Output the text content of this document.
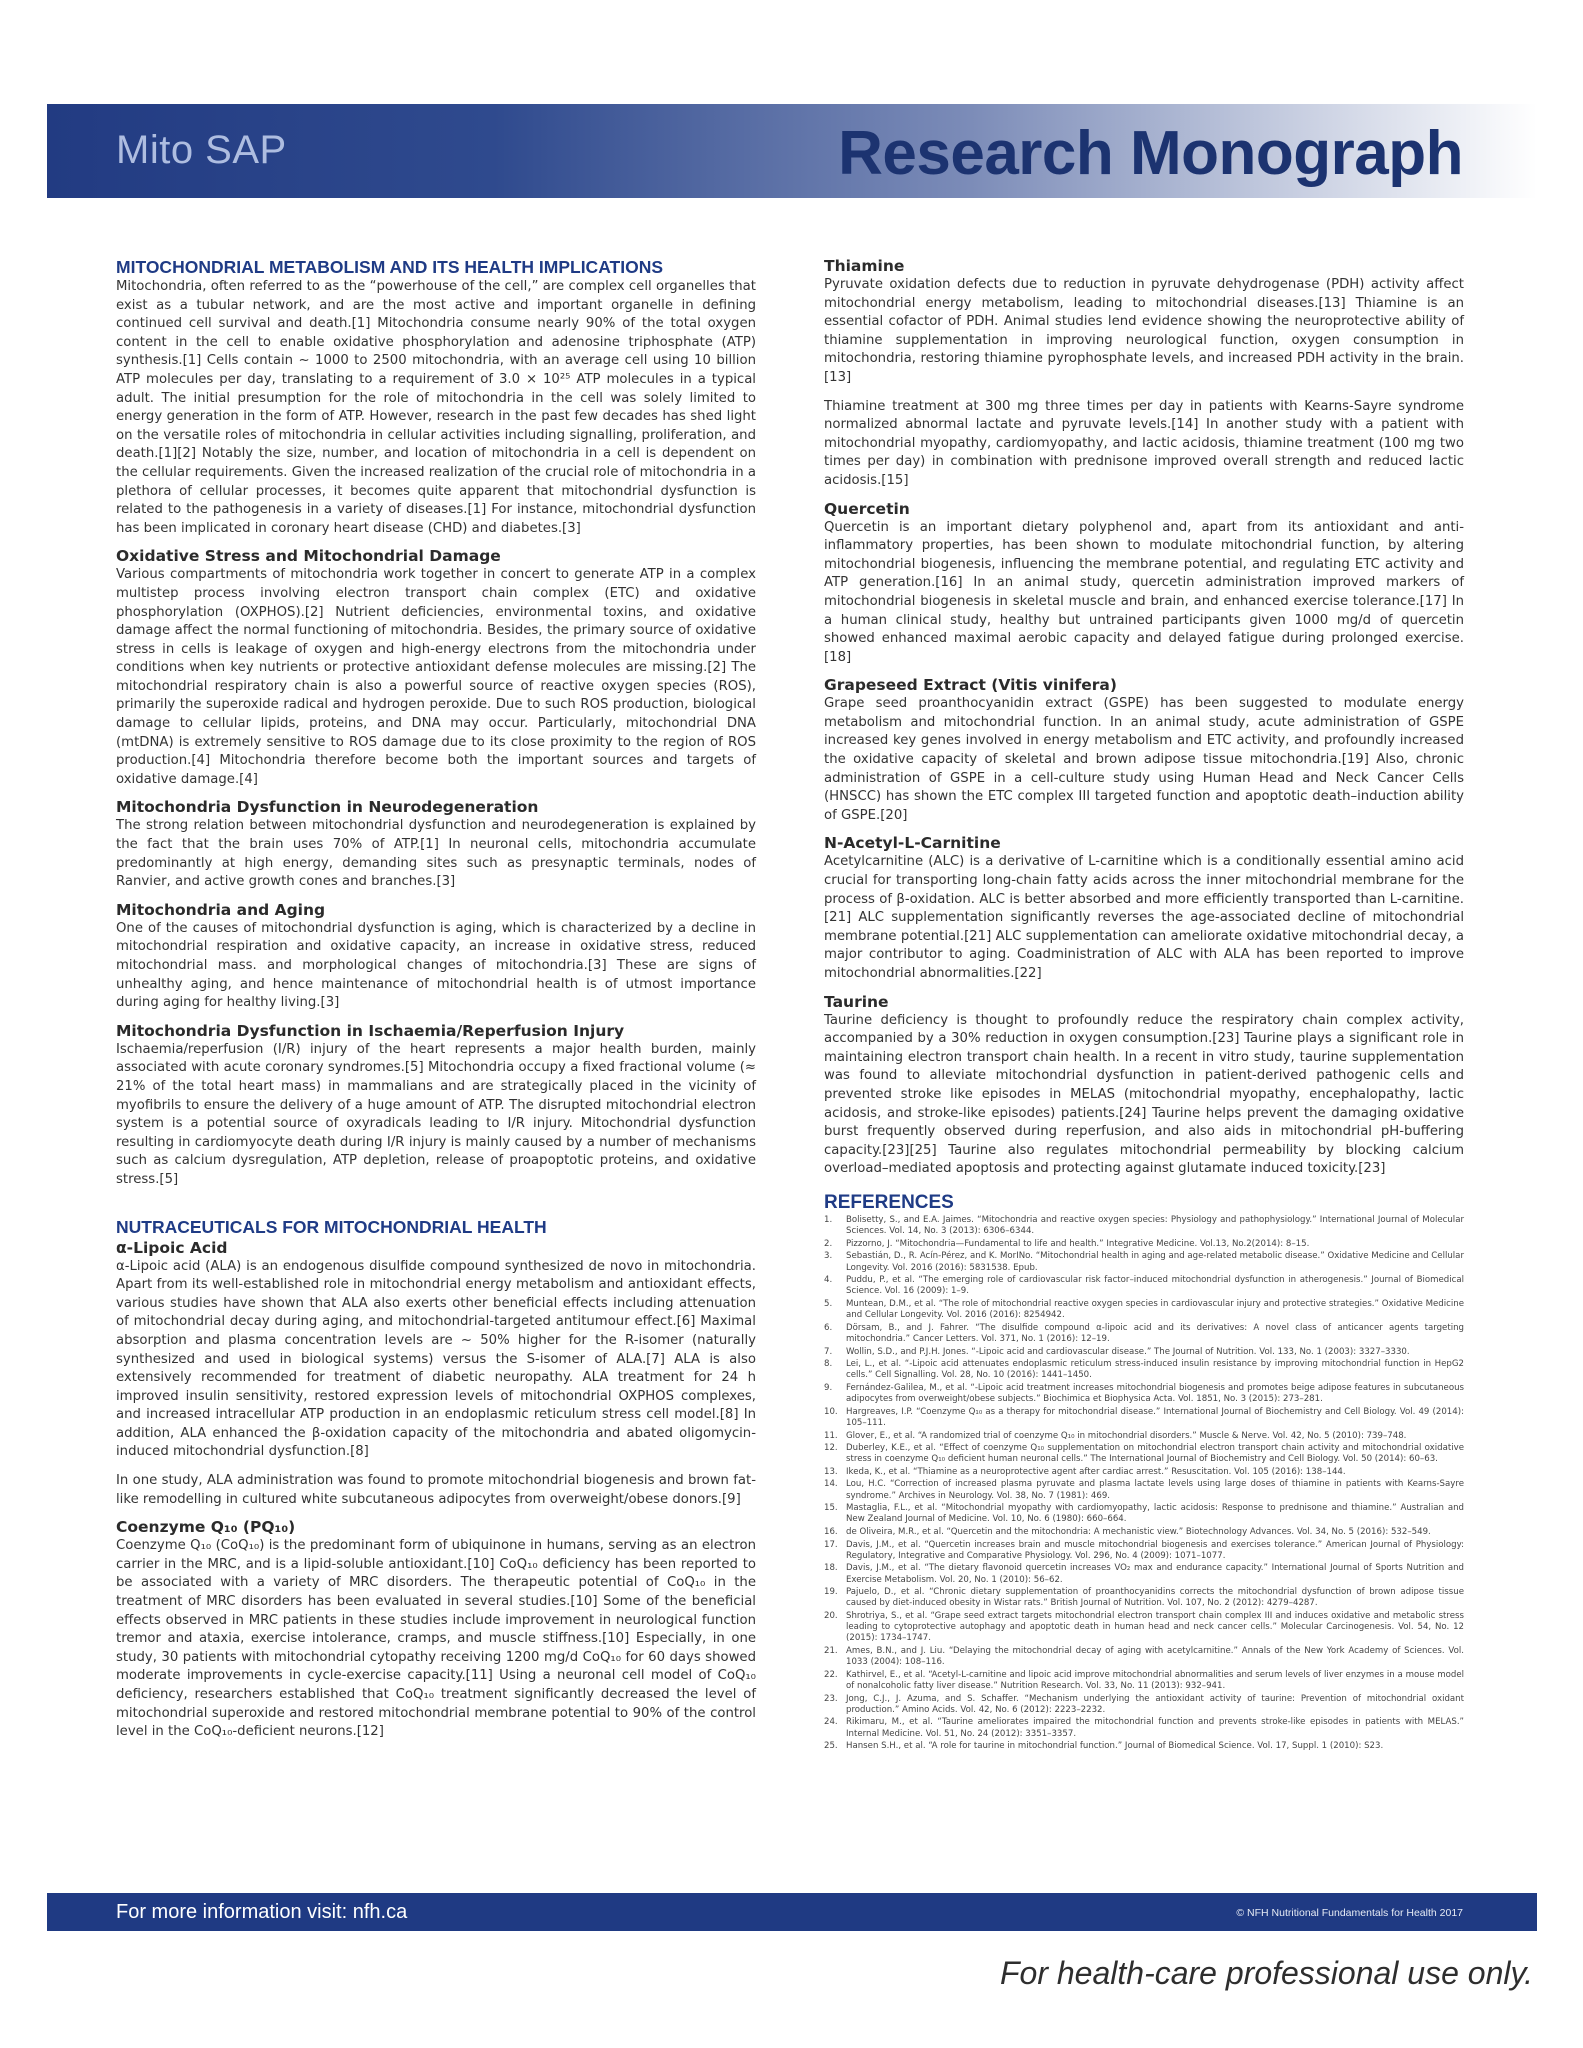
Mito SAP	Research Monograph
MITOCHONDRIAL METABOLISM AND ITS HEALTH IMPLICATIONS

Mitochondria, often referred to as the “powerhouse of the cell,” are complex cell organelles that exist as a tubular network, and are the most active and important organelle in defining continued cell survival and death.[1] Mitochondria consume nearly 90% of the total oxygen content in the cell to enable oxidative phosphorylation and adenosine triphosphate (ATP) synthesis.[1] Cells contain ~ 1000 to 2500 mitochondria, with an average cell using 10 billion ATP molecules per day, translating to a requirement of 3.0 × 10²⁵ ATP molecules in a typical adult. The initial presumption for the role of mitochondria in the cell was solely limited to energy generation in the form of ATP. However, research in the past few decades has shed light on the versatile roles of mitochondria in cellular activities including signalling, proliferation, and death.[1][2] Notably the size, number, and location of mitochondria in a cell is dependent on the cellular requirements. Given the increased realization of the crucial role of mitochondria in a plethora of cellular processes, it becomes quite apparent that mitochondrial dysfunction is related to the pathogenesis in a variety of diseases.[1] For instance, mitochondrial dysfunction has been implicated in coronary heart disease (CHD) and diabetes.[3]

Oxidative Stress and Mitochondrial Damage

Various compartments of mitochondria work together in concert to generate ATP in a complex multistep process involving electron transport chain complex (ETC) and oxidative phosphorylation (OXPHOS).[2] Nutrient deficiencies, environmental toxins, and oxidative damage affect the normal functioning of mitochondria. Besides, the primary source of oxidative stress in cells is leakage of oxygen and high-energy electrons from the mitochondria under conditions when key nutrients or protective antioxidant defense molecules are missing.[2] The mitochondrial respiratory chain is also a powerful source of reactive oxygen species (ROS), primarily the superoxide radical and hydrogen peroxide. Due to such ROS production, biological damage to cellular lipids, proteins, and DNA may occur. Particularly, mitochondrial DNA (mtDNA) is extremely sensitive to ROS damage due to its close proximity to the region of ROS production.[4] Mitochondria therefore become both the important sources and targets of oxidative damage.[4]

Mitochondria Dysfunction in Neurodegeneration

The strong relation between mitochondrial dysfunction and neurodegeneration is explained by the fact that the brain uses 70% of ATP.[1] In neuronal cells, mitochondria accumulate predominantly at high energy, demanding sites such as presynaptic terminals, nodes of Ranvier, and active growth cones and branches.[3]

Mitochondria and Aging

One of the causes of mitochondrial dysfunction is aging, which is characterized by a decline in mitochondrial respiration and oxidative capacity, an increase in oxidative stress, reduced mitochondrial mass. and morphological changes of mitochondria.[3] These are signs of unhealthy aging, and hence maintenance of mitochondrial health is of utmost importance during aging for healthy living.[3]

Mitochondria Dysfunction in Ischaemia/Reperfusion Injury

Ischaemia/reperfusion (I/R) injury of the heart represents a major health burden, mainly associated with acute coronary syndromes.[5] Mitochondria occupy a fixed fractional volume (≈ 21% of the total heart mass) in mammalians and are strategically placed in the vicinity of myofibrils to ensure the delivery of a huge amount of ATP. The disrupted mitochondrial electron system is a potential source of oxyradicals leading to I/R injury. Mitochondrial dysfunction resulting in cardiomyocyte death during I/R injury is mainly caused by a number of mechanisms such as calcium dysregulation, ATP depletion, release of proapoptotic proteins, and oxidative stress.[5]

NUTRACEUTICALS FOR MITOCHONDRIAL HEALTH
α-Lipoic Acid

α-Lipoic acid (ALA) is an endogenous disulfide compound synthesized de novo in mitochondria. Apart from its well-established role in mitochondrial energy metabolism and antioxidant effects, various studies have shown that ALA also exerts other beneficial effects including attenuation of mitochondrial decay during aging, and mitochondrial-targeted antitumour effect.[6] Maximal absorption and plasma concentration levels are ~ 50% higher for the R-isomer (naturally synthesized and used in biological systems) versus the S-isomer of ALA.[7] ALA is also extensively recommended for treatment of diabetic neuropathy. ALA treatment for 24 h improved insulin sensitivity, restored expression levels of mitochondrial OXPHOS complexes, and increased intracellular ATP production in an endoplasmic reticulum stress cell model.[8] In addition, ALA enhanced the β-oxidation capacity of the mitochondria and abated oligomycin-induced mitochondrial dysfunction.[8]

In one study, ALA administration was found to promote mitochondrial biogenesis and brown fat-like remodelling in cultured white subcutaneous adipocytes from overweight/obese donors.[9]

Coenzyme Q₁₀ (PQ₁₀)

Coenzyme Q₁₀ (CoQ₁₀) is the predominant form of ubiquinone in humans, serving as an electron carrier in the MRC, and is a lipid-soluble antioxidant.[10] CoQ₁₀ deficiency has been reported to be associated with a variety of MRC disorders. The therapeutic potential of CoQ₁₀ in the treatment of MRC disorders has been evaluated in several studies.[10] Some of the beneficial effects observed in MRC patients in these studies include improvement in neurological function tremor and ataxia, exercise intolerance, cramps, and muscle stiffness.[10] Especially, in one study, 30 patients with mitochondrial cytopathy receiving 1200 mg/d CoQ₁₀ for 60 days showed moderate improvements in cycle-exercise capacity.[11] Using a neuronal cell model of CoQ₁₀ deficiency, researchers established that CoQ₁₀ treatment significantly decreased the level of mitochondrial superoxide and restored mitochondrial membrane potential to 90% of the control level in the CoQ₁₀-deficient neurons.[12]

Thiamine

Pyruvate oxidation defects due to reduction in pyruvate dehydrogenase (PDH) activity affect mitochondrial energy metabolism, leading to mitochondrial diseases.[13] Thiamine is an essential cofactor of PDH. Animal studies lend evidence showing the neuroprotective ability of thiamine supplementation in improving neurological function, oxygen consumption in mitochondria, restoring thiamine pyrophosphate levels, and increased PDH activity in the brain.[13]

Thiamine treatment at 300 mg three times per day in patients with Kearns-Sayre syndrome normalized abnormal lactate and pyruvate levels.[14] In another study with a patient with mitochondrial myopathy, cardiomyopathy, and lactic acidosis, thiamine treatment (100 mg two times per day) in combination with prednisone improved overall strength and reduced lactic acidosis.[15]

Quercetin

Quercetin is an important dietary polyphenol and, apart from its antioxidant and anti-inflammatory properties, has been shown to modulate mitochondrial function, by altering mitochondrial biogenesis, influencing the membrane potential, and regulating ETC activity and ATP generation.[16] In an animal study, quercetin administration improved markers of mitochondrial biogenesis in skeletal muscle and brain, and enhanced exercise tolerance.[17] In a human clinical study, healthy but untrained participants given 1000 mg/d of quercetin showed enhanced maximal aerobic capacity and delayed fatigue during prolonged exercise.[18]

Grapeseed Extract (Vitis vinifera)

Grape seed proanthocyanidin extract (GSPE) has been suggested to modulate energy metabolism and mitochondrial function. In an animal study, acute administration of GSPE increased key genes involved in energy metabolism and ETC activity, and profoundly increased the oxidative capacity of skeletal and brown adipose tissue mitochondria.[19] Also, chronic administration of GSPE in a cell-culture study using Human Head and Neck Cancer Cells (HNSCC) has shown the ETC complex III targeted function and apoptotic death–induction ability of GSPE.[20]

N-Acetyl-L-Carnitine

Acetylcarnitine (ALC) is a derivative of L-carnitine which is a conditionally essential amino acid crucial for transporting long-chain fatty acids across the inner mitochondrial membrane for the process of β-oxidation. ALC is better absorbed and more efficiently transported than L-carnitine.[21] ALC supplementation significantly reverses the age-associated decline of mitochondrial membrane potential.[21] ALC supplementation can ameliorate oxidative mitochondrial decay, a major contributor to aging. Coadministration of ALC with ALA has been reported to improve mitochondrial abnormalities.[22]

Taurine

Taurine deficiency is thought to profoundly reduce the respiratory chain complex activity, accompanied by a 30% reduction in oxygen consumption.[23] Taurine plays a significant role in maintaining electron transport chain health. In a recent in vitro study, taurine supplementation was found to alleviate mitochondrial dysfunction in patient-derived pathogenic cells and prevented stroke like episodes in MELAS (mitochondrial myopathy, encephalopathy, lactic acidosis, and stroke-like episodes) patients.[24] Taurine helps prevent the damaging oxidative burst frequently observed during reperfusion, and also aids in mitochondrial pH-buffering capacity.[23][25] Taurine also regulates mitochondrial permeability by blocking calcium overload–mediated apoptosis and protecting against glutamate induced toxicity.[23]

REFERENCES
1.	Bolisetty, S., and E.A. Jaimes. “Mitochondria and reactive oxygen species: Physiology and pathophysiology.” International Journal of Molecular Sciences. Vol. 14, No. 3 (2013): 6306–6344.
2.	Pizzorno, J. “Mitochondria—Fundamental to life and health.” Integrative Medicine. Vol.13, No.2(2014): 8–15.
3.	Sebastián, D., R. Acín-Pérez, and K. MorINo. “Mitochondrial health in aging and age-related metabolic disease.” Oxidative Medicine and Cellular Longevity. Vol. 2016 (2016): 5831538. Epub.
4.	Puddu, P., et al. “The emerging role of cardiovascular risk factor–induced mitochondrial dysfunction in atherogenesis.” Journal of Biomedical Science. Vol. 16 (2009): 1–9.
5.	Muntean, D.M., et al. “The role of mitochondrial reactive oxygen species in cardiovascular injury and protective strategies.” Oxidative Medicine and Cellular Longevity. Vol. 2016 (2016): 8254942.
6.	Dörsam, B., and J. Fahrer. “The disulfide compound α-lipoic acid and its derivatives: A novel class of anticancer agents targeting mitochondria.” Cancer Letters. Vol. 371, No. 1 (2016): 12–19.
7.	Wollin, S.D., and P.J.H. Jones. “-Lipoic acid and cardiovascular disease.” The Journal of Nutrition. Vol. 133, No. 1 (2003): 3327–3330.
8.	Lei, L., et al. “-Lipoic acid attenuates endoplasmic reticulum stress-induced insulin resistance by improving mitochondrial function in HepG2 cells.” Cell Signalling. Vol. 28, No. 10 (2016): 1441–1450.
9.	Fernández-Galilea, M., et al. “-Lipoic acid treatment increases mitochondrial biogenesis and promotes beige adipose features in subcutaneous adipocytes from overweight/obese subjects.” Biochimica et Biophysica Acta. Vol. 1851, No. 3 (2015): 273–281.
10. Hargreaves, I.P. “Coenzyme Q₁₀ as a therapy for mitochondrial disease.” International Journal of Biochemistry and Cell Biology. Vol. 49 (2014): 105–111.
11. Glover, E., et al. “A randomized trial of coenzyme Q₁₀ in mitochondrial disorders.” Muscle & Nerve. Vol. 42, No. 5 (2010): 739–748.
12. Duberley, K.E., et al. “Effect of coenzyme Q₁₀ supplementation on mitochondrial electron transport chain activity and mitochondrial oxidative stress in coenzyme Q₁₀ deficient human neuronal cells.” The International Journal of Biochemistry and Cell Biology. Vol. 50 (2014): 60–63.
13. Ikeda, K., et al. “Thiamine as a neuroprotective agent after cardiac arrest.” Resuscitation. Vol. 105 (2016): 138–144.
14. Lou, H.C. “Correction of increased plasma pyruvate and plasma lactate levels using large doses of thiamine in patients with Kearns-Sayre syndrome.” Archives in Neurology. Vol. 38, No. 7 (1981): 469.
15. Mastaglia, F.L., et al. “Mitochondrial myopathy with cardiomyopathy, lactic acidosis: Response to prednisone and thiamine.” Australian and New Zealand Journal of Medicine. Vol. 10, No. 6 (1980): 660–664.
16. de Oliveira, M.R., et al. “Quercetin and the mitochondria: A mechanistic view.” Biotechnology Advances. Vol. 34, No. 5 (2016): 532–549.
17. Davis, J.M., et al. “Quercetin increases brain and muscle mitochondrial biogenesis and exercises tolerance.” American Journal of Physiology: Regulatory, Integrative and Comparative Physiology. Vol. 296, No. 4 (2009): 1071–1077.
18. Davis, J.M., et al. “The dietary flavonoid quercetin increases VO₂ max and endurance capacity.” International Journal of Sports Nutrition and Exercise Metabolism. Vol. 20, No. 1 (2010): 56–62.
19. Pajuelo, D., et al. “Chronic dietary supplementation of proanthocyanidins corrects the mitochondrial dysfunction of brown adipose tissue caused by diet-induced obesity in Wistar rats.” British Journal of Nutrition. Vol. 107, No. 2 (2012): 4279–4287.
20. Shrotriya, S., et al. “Grape seed extract targets mitochondrial electron transport chain complex III and induces oxidative and metabolic stress leading to cytoprotective autophagy and apoptotic death in human head and neck cancer cells.” Molecular Carcinogenesis. Vol. 54, No. 12 (2015): 1734–1747.
21. Ames, B.N., and J. Liu. “Delaying the mitochondrial decay of aging with acetylcarnitine.” Annals of the New York Academy of Sciences. Vol. 1033 (2004): 108–116.
22. Kathirvel, E., et al. “Acetyl-L-carnitine and lipoic acid improve mitochondrial abnormalities and serum levels of liver enzymes in a mouse model of nonalcoholic fatty liver disease.” Nutrition Research. Vol. 33, No. 11 (2013): 932–941.
23. Jong, C.J., J. Azuma, and S. Schaffer. “Mechanism underlying the antioxidant activity of taurine: Prevention of mitochondrial oxidant production.” Amino Acids. Vol. 42, No. 6 (2012): 2223–2232.
24. Rikimaru, M., et al. “Taurine ameliorates impaired the mitochondrial function and prevents stroke-like episodes in patients with MELAS.” Internal Medicine. Vol. 51, No. 24 (2012): 3351–3357.
25. Hansen S.H., et al. “A role for taurine in mitochondrial function.” Journal of Biomedical Science. Vol. 17, Suppl. 1 (2010): S23.
For more information visit: nfh.ca	© NFH Nutritional Fundamentals for Health 2017
For health-care professional use only.
